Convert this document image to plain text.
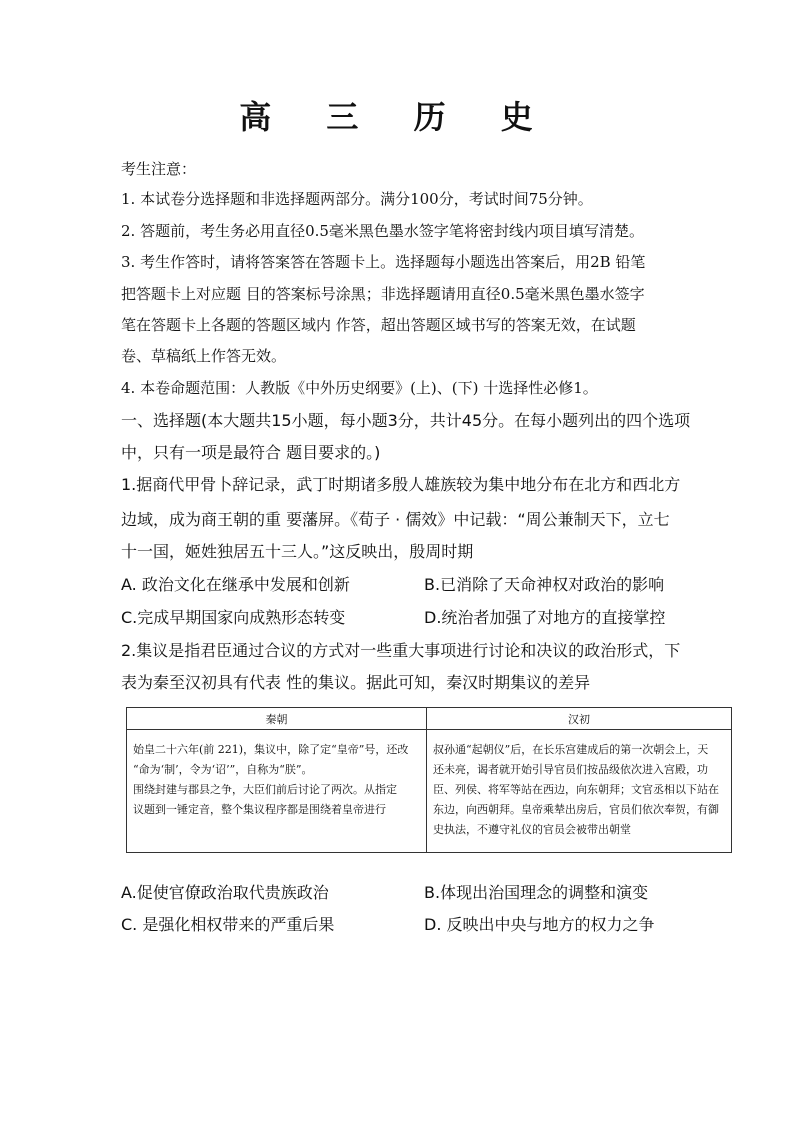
高 三 历 史
考生注意：
1. 本试卷分选择题和非选择题两部分。满分100分，考试时间75分钟。
2. 答题前，考生务必用直径0.5毫米黑色墨水签字笔将密封线内项目填写清楚。
3. 考生作答时，请将答案答在答题卡上。选择题每小题选出答案后，用2B 铅笔
把答题卡上对应题 目的答案标号涂黑；非选择题请用直径0.5毫米黑色墨水签字
笔在答题卡上各题的答题区域内 作答，超出答题区域书写的答案无效，在试题
卷、草稿纸上作答无效。
4. 本卷命题范围：人教版《中外历史纲要》(上)、(下) 十选择性必修1。
一、选择题(本大题共15小题，每小题3分，共计45分。在每小题列出的四个选项
中，只有一项是最符合 题目要求的。)
1.据商代甲骨卜辞记录，武丁时期诸多殷人雄族较为集中地分布在北方和西北方
边域，成为商王朝的重 要藩屏。《荀子 · 儒效》中记载：“周公兼制天下，立七
十一国，姬姓独居五十三人。”这反映出，殷周时期
A. 政治文化在继承中发展和创新	B.已消除了天命神权对政治的影响
C.完成早期国家向成熟形态转变	D.统治者加强了对地方的直接掌控
2.集议是指君臣通过合议的方式对一些重大事项进行讨论和决议的政治形式，下
表为秦至汉初具有代表 性的集议。据此可知，秦汉时期集议的差异
秦朝	汉初

始皇二十六年(前 221)，集议中，除了定“皇帝”号，还改
“命为‘制’，令为‘诏’”，自称为“朕”。
围绕封建与郡县之争，大臣们前后讨论了两次。从指定
议题到一锤定音，整个集议程序都是围绕着皇帝进行	叔孙通“起朝仪”后，在长乐宫建成后的第一次朝会上，天
还未亮，谒者就开始引导官员们按品级依次进入宫殿，功
臣、列侯、将军等站在西边，向东朝拜；文官丞相以下站在
东边，向西朝拜。皇帝乘辇出房后，官员们依次奉贺，有御
史执法，不遵守礼仪的官员会被带出朝堂
A.促使官僚政治取代贵族政治	B.体现出治国理念的调整和演变
C. 是强化相权带来的严重后果	D. 反映出中央与地方的权力之争
